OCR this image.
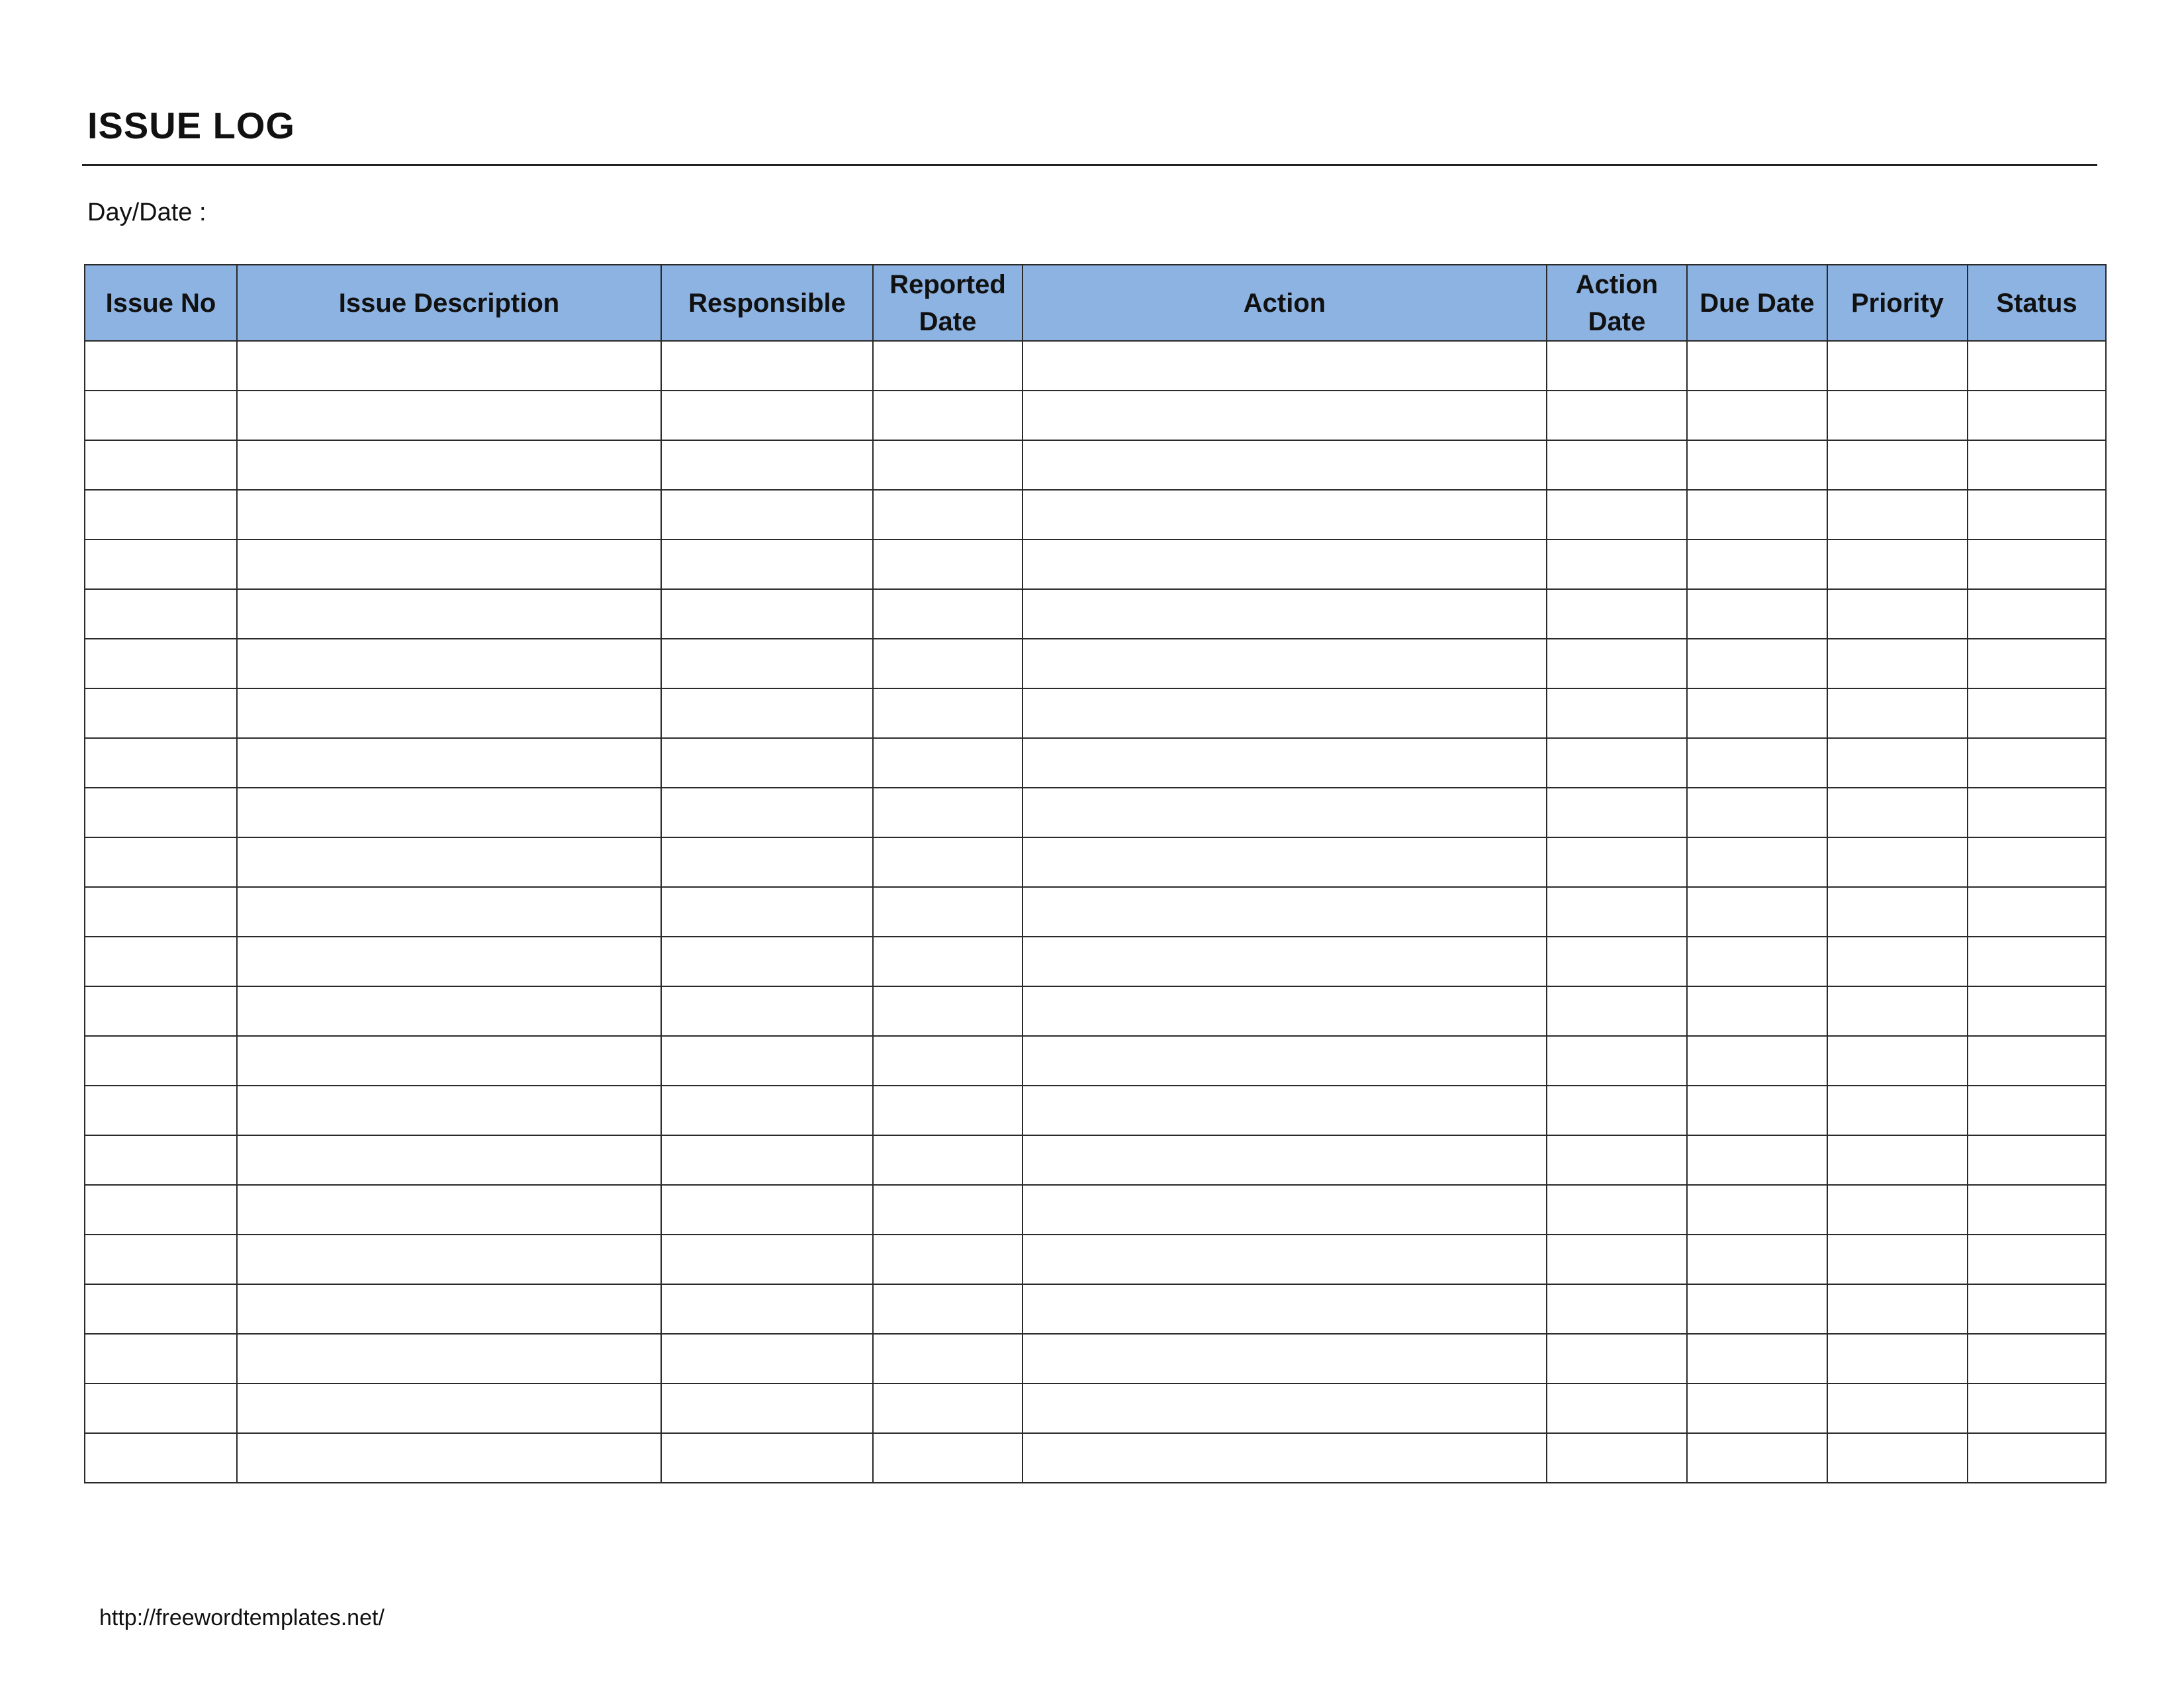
ISSUE LOG
Day/Date :
Issue No	Issue Description	Responsible	Reported Date	Action	Action Date	Due Date	Priority	Status

http://freewordtemplates.net/
